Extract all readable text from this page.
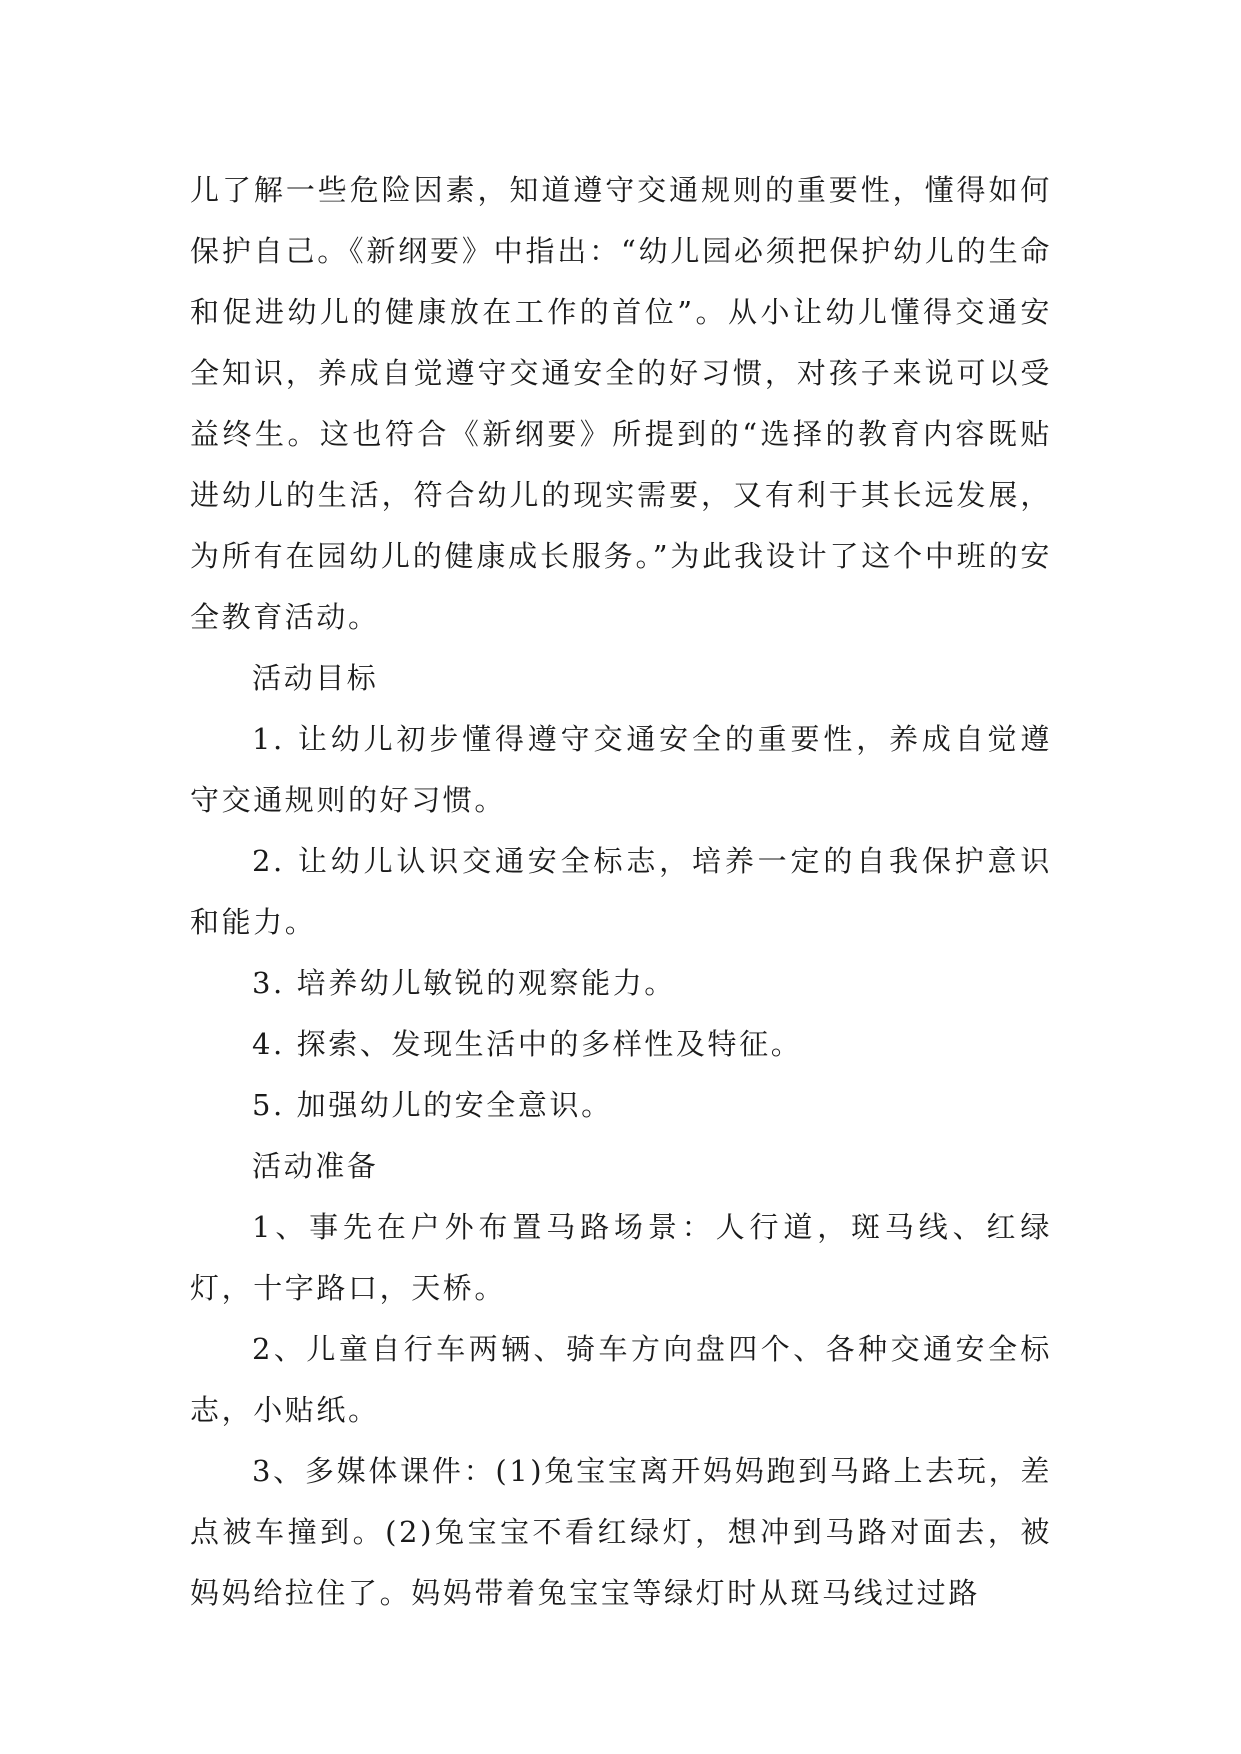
儿了解一些危险因素，知道遵守交通规则的重要性，懂得如何保护自己。《新纲要》中指出：“幼儿园必须把保护幼儿的生命和促进幼儿的健康放在工作的首位”。从小让幼儿懂得交通安全知识，养成自觉遵守交通安全的好习惯，对孩子来说可以受益终生。这也符合《新纲要》所提到的“选择的教育内容既贴进幼儿的生活，符合幼儿的现实需要，又有利于其长远发展，为所有在园幼儿的健康成长服务。”为此我设计了这个中班的安全教育活动。

活动目标

1. 让幼儿初步懂得遵守交通安全的重要性，养成自觉遵守交通规则的好习惯。

2. 让幼儿认识交通安全标志，培养一定的自我保护意识和能力。

3. 培养幼儿敏锐的观察能力。

4. 探索、发现生活中的多样性及特征。

5. 加强幼儿的安全意识。

活动准备

1、事先在户外布置马路场景：人行道，斑马线、红绿灯，十字路口，天桥。

2、儿童自行车两辆、骑车方向盘四个、各种交通安全标志，小贴纸。

3、多媒体课件：(1)兔宝宝离开妈妈跑到马路上去玩，差点被车撞到。(2)兔宝宝不看红绿灯，想冲到马路对面去，被妈妈给拉住了。妈妈带着兔宝宝等绿灯时从斑马线过过路
